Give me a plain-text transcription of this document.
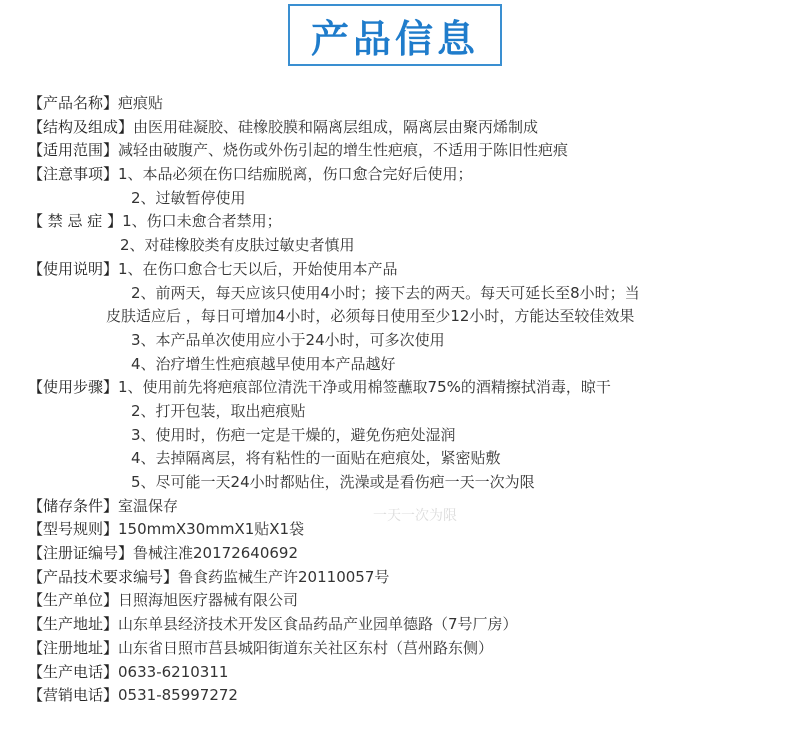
产品信息
【产品名称】疤痕贴
【结构及组成】由医用硅凝胶、硅橡胶膜和隔离层组成，隔离层由聚丙烯制成
【适用范围】减轻由破腹产、烧伤或外伤引起的增生性疤痕，不适用于陈旧性疤痕
【注意事项】1、本品必须在伤口结痂脱离，伤口愈合完好后使用；
2、过敏暂停使用
【 禁 忌 症 】1、伤口未愈合者禁用；
2、对硅橡胶类有皮肤过敏史者慎用
【使用说明】1、在伤口愈合七天以后，开始使用本产品
2、前两天，每天应该只使用4小时；接下去的两天。每天可延长至8小时；当
皮肤适应后 ，每日可增加4小时，必须每日使用至少12小时，方能达至较佳效果
3、本产品单次使用应小于24小时，可多次使用
4、治疗增生性疤痕越早使用本产品越好
【使用步骤】1、使用前先将疤痕部位清洗干净或用棉签蘸取75%的酒精擦拭消毒，晾干
2、打开包装，取出疤痕贴
3、使用时，伤疤一定是干燥的，避免伤疤处湿润
4、去掉隔离层，将有粘性的一面贴在疤痕处，紧密贴敷
5、尽可能一天24小时都贴住，洗澡或是看伤疤一天一次为限
【储存条件】室温保存
【型号规则】150mmX30mmX1贴X1袋
【注册证编号】鲁械注准20172640692
【产品技术要求编号】鲁食药监械生产许20110057号
【生产单位】日照海旭医疗器械有限公司
【生产地址】山东单县经济技术开发区食品药品产业园单德路（7号厂房）
【注册地址】山东省日照市莒县城阳街道东关社区东村（莒州路东侧）
【生产电话】0633-6210311
【营销电话】0531-85997272
一天一次为限
